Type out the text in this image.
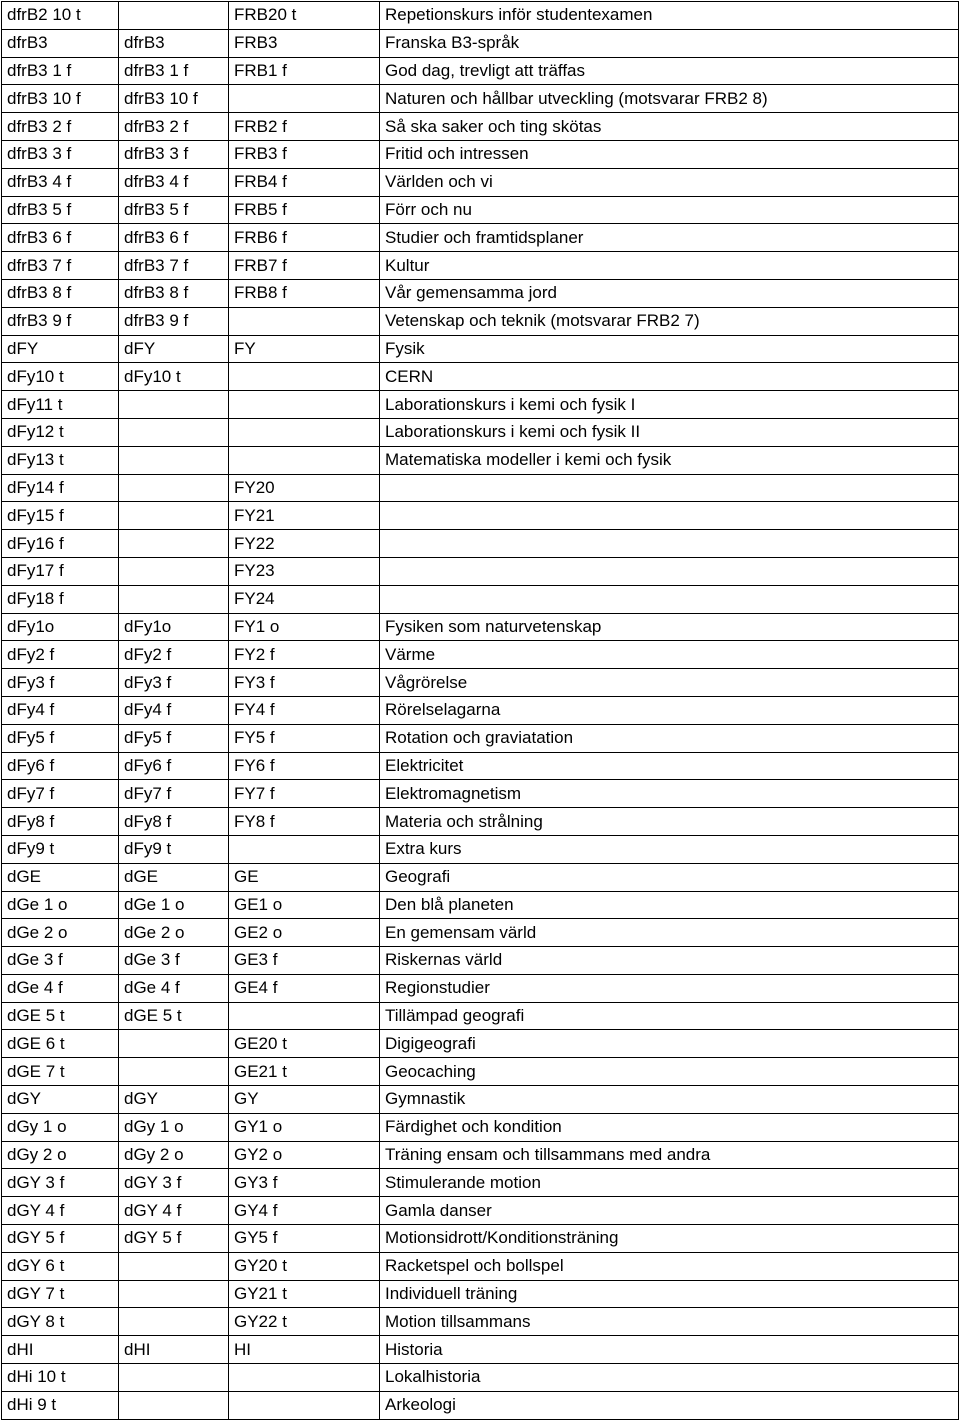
dfrB2 10 t		FRB20 t	Repetionskurs inför studentexamen
dfrB3	dfrB3	FRB3	Franska B3-språk
dfrB3 1 f	dfrB3 1 f	FRB1 f	God dag, trevligt att träffas
dfrB3 10 f	dfrB3 10 f		Naturen och hållbar utveckling (motsvarar FRB2 8)
dfrB3 2 f	dfrB3 2 f	FRB2 f	Så ska saker och ting skötas
dfrB3 3 f	dfrB3 3 f	FRB3 f	Fritid och intressen
dfrB3 4 f	dfrB3 4 f	FRB4 f	Världen och vi
dfrB3 5 f	dfrB3 5 f	FRB5 f	Förr och nu
dfrB3 6 f	dfrB3 6 f	FRB6 f	Studier och framtidsplaner
dfrB3 7 f	dfrB3 7 f	FRB7 f	Kultur
dfrB3 8 f	dfrB3 8 f	FRB8 f	Vår gemensamma jord
dfrB3 9 f	dfrB3 9 f		Vetenskap och teknik (motsvarar FRB2 7)
dFY	dFY	FY	Fysik
dFy10 t	dFy10 t		CERN
dFy11 t			Laborationskurs i kemi och fysik I
dFy12 t			Laborationskurs i kemi och fysik II
dFy13 t			Matematiska modeller i kemi och fysik
dFy14 f		FY20	
dFy15 f		FY21	
dFy16 f		FY22	
dFy17 f		FY23	
dFy18 f		FY24	
dFy1o	dFy1o	FY1 o	Fysiken som naturvetenskap
dFy2 f	dFy2 f	FY2 f	Värme
dFy3 f	dFy3 f	FY3 f	Vågrörelse
dFy4 f	dFy4 f	FY4 f	Rörelselagarna
dFy5 f	dFy5 f	FY5 f	Rotation och graviatation
dFy6 f	dFy6 f	FY6 f	Elektricitet
dFy7 f	dFy7 f	FY7 f	Elektromagnetism
dFy8 f	dFy8 f	FY8 f	Materia och strålning
dFy9 t	dFy9 t		Extra kurs
dGE	dGE	GE	Geografi
dGe 1 o	dGe 1 o	GE1 o	Den blå planeten
dGe 2 o	dGe 2 o	GE2 o	En gemensam värld
dGe 3 f	dGe 3 f	GE3 f	Riskernas värld
dGe 4 f	dGe 4 f	GE4 f	Regionstudier
dGE 5 t	dGE 5 t		Tillämpad geografi
dGE 6 t		GE20 t	Digigeografi
dGE 7 t		GE21 t	Geocaching
dGY	dGY	GY	Gymnastik
dGy 1 o	dGy 1 o	GY1 o	Färdighet och kondition
dGy 2 o	dGy 2 o	GY2 o	Träning ensam och tillsammans med andra
dGY 3 f	dGY 3 f	GY3 f	Stimulerande motion
dGY 4 f	dGY 4 f	GY4 f	Gamla danser
dGY 5 f	dGY 5 f	GY5 f	Motionsidrott/Konditionsträning
dGY 6 t		GY20 t	Racketspel och bollspel
dGY 7 t		GY21 t	Individuell träning
dGY 8 t		GY22 t	Motion tillsammans
dHI	dHI	HI	Historia
dHi 10 t			Lokalhistoria
dHi 9 t			Arkeologi
